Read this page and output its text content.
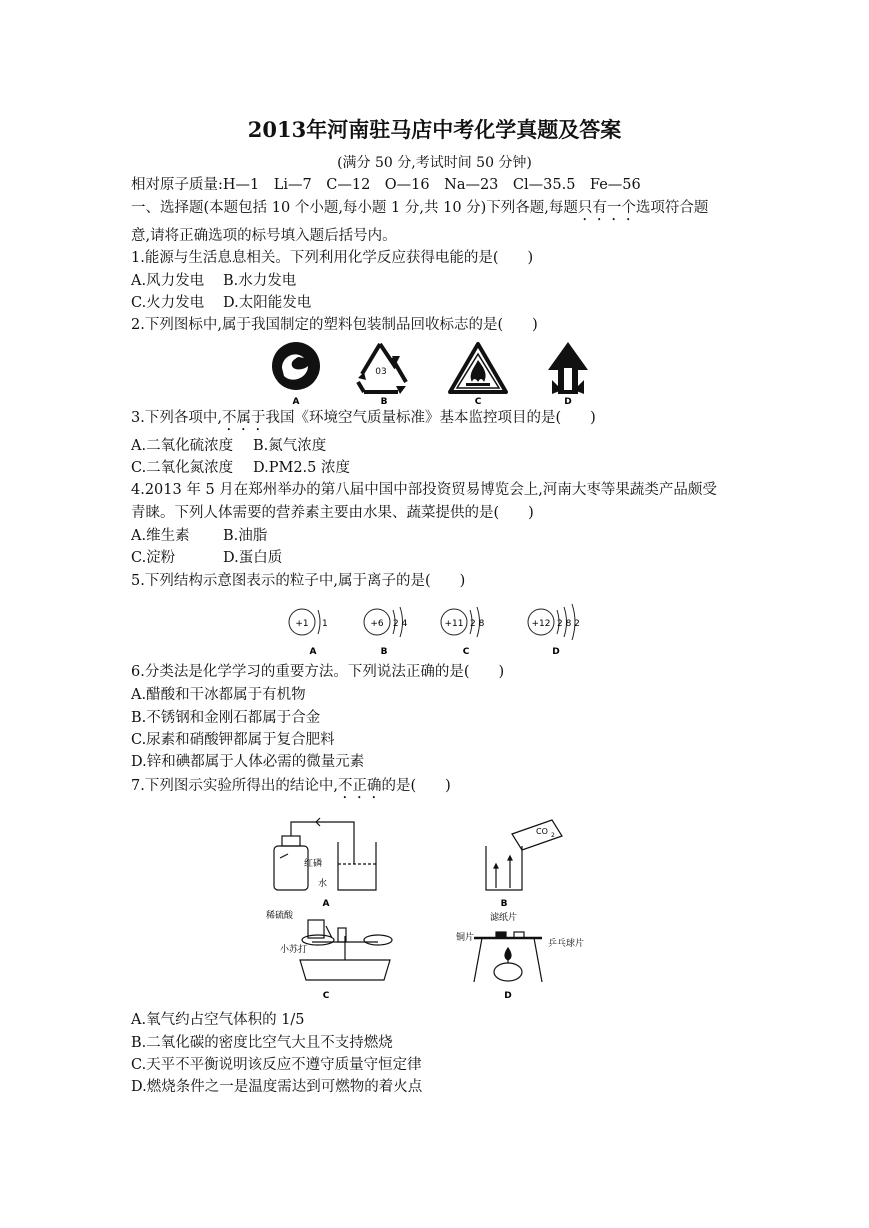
2013年河南驻马店中考化学真题及答案
(满分 50 分,考试时间 50 分钟)
相对原子质量:H—1　Li—7　C—12　O—16　Na—23　Cl—35.5　Fe—56
一、选择题(本题包括 10 个小题,每小题 1 分,共 10 分)下列各题,每题只有一个选项符合题
意,请将正确选项的标号填入题后括号内。
1.能源与生活息息相关。下列利用化学反应获得电能的是(　　)
A.风力发电 B.水力发电
C.火力发电 D.太阳能发电
2.下列图标中,属于我国制定的塑料包装制品回收标志的是(　　)
03
A	B	C	D
3.下列各项中,不属于我国《环境空气质量标准》基本监控项目的是(　　)
A.二氧化硫浓度 B.氮气浓度
C.二氧化氮浓度 D.PM2.5 浓度
4.2013 年 5 月在郑州举办的第八届中国中部投资贸易博览会上,河南大枣等果蔬类产品颇受
青睐。下列人体需要的营养素主要由水果、蔬菜提供的是(　　)
A.维生素 B.油脂
C.淀粉	D.蛋白质
5.下列结构示意图表示的粒子中,属于离子的是(　　)
+1 1	+6 2 4	+11 2 8	+12 2 8 2
A	B	C	D
6.分类法是化学学习的重要方法。下列说法正确的是(　　)
A.醋酸和干冰都属于有机物
B.不锈钢和金刚石都属于合金
C.尿素和硝酸钾都属于复合肥料
D.锌和碘都属于人体必需的微量元素
7.下列图示实验所得出的结论中,不正确的是(　　)
红磷
水
A
CO 2
B
稀硫酸
小苏打
C
滤纸片
铜片
乒乓球片
D
A.氧气约占空气体积的 1/5
B.二氧化碳的密度比空气大且不支持燃烧
C.天平不平衡说明该反应不遵守质量守恒定律
D.燃烧条件之一是温度需达到可燃物的着火点
